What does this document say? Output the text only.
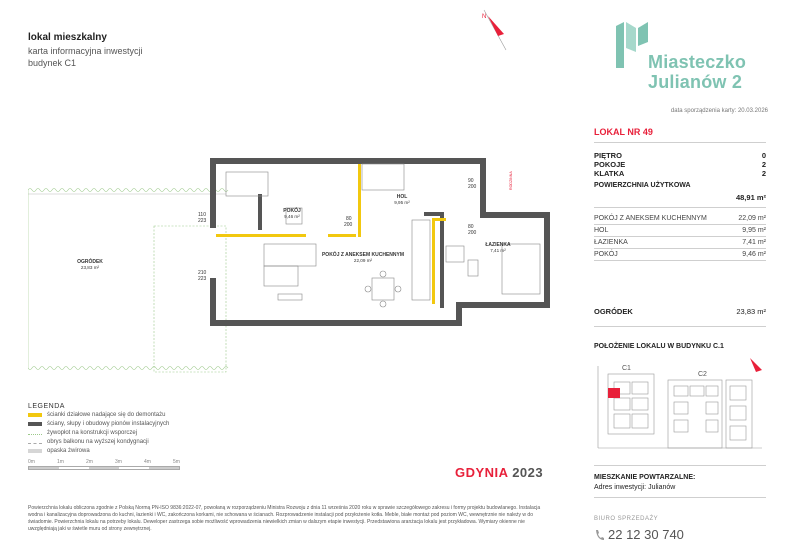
lokal mieszkalny
karta informacyjna inwestycji
budynek C1
N
Miasteczko
Julianów 2
data sporządzenia karty: 20.03.2026
LOKAL NR 49
PIĘTRO	0
POKOJE	2
KLATKA	2
POWIERZCHNIA UŻYTKOWA
48,91 m²
POKÓJ Z ANEKSEM KUCHENNYM	22,09 m²
HOL	9,95 m²
ŁAZIENKA	7,41 m²
POKÓJ	9,46 m²
OGRÓDEK	23,83 m²
POŁOŻENIE LOKALU W BUDYNKU C.1
C1
C2
MIESZKANIE POWTARZALNE:
Adres inwestycji: Julianów
BIURO SPRZEDAŻY
22 12 30 740
OGRÓDEK
23,83 m²
POKÓJ
9,46 m²
HOL
9,95 m²
POKÓJ Z ANEKSEM KUCHENNYM
22,09 m²
ŁAZIENKA
7,41 m²
110
223
210
223
80
200
90
200
80
200
RODZINNA
LEGENDA
ścianki działowe nadające się do demontażu
ściany, słupy i obudowy pionów instalacyjnych
żywopłot na konstrukcji wsporczej
obrys balkonu na wyższej kondygnacji
opaska żwirowa
0m	1m	2m	3m	4m	5m
GDYNIA 2023
Powierzchnia lokalu obliczona zgodnie z Polską Normą PN-ISO 9836:2022-07, powołaną w rozporządzeniu Ministra Rozwoju z dnia 11 września 2020 roku w sprawie szczegółowego zakresu i formy projektu budowlanego. Instalacja wodna i kanalizacyjna doprowadzona do kuchni, łazienki i WC, zakończona korkami, nie schowana w ścianach. Rozprowadzenie instalacji pod przyłożenie kotła. Meble, białe montaż pod poziom WC, wewnętrznie nie należy w do świadomie. Powierzchnia lokalu na potrzeby lokalu. Deweloper zastrzega sobie możliwość wprowadzenia niewielkich zmian w dalszym etapie inwestycji. Przedstawiona aranżacja lokalu jest przykładowa. Wymiary okienne nie uwzględniają jaki w świetle muru od strony zewnętrznej.
